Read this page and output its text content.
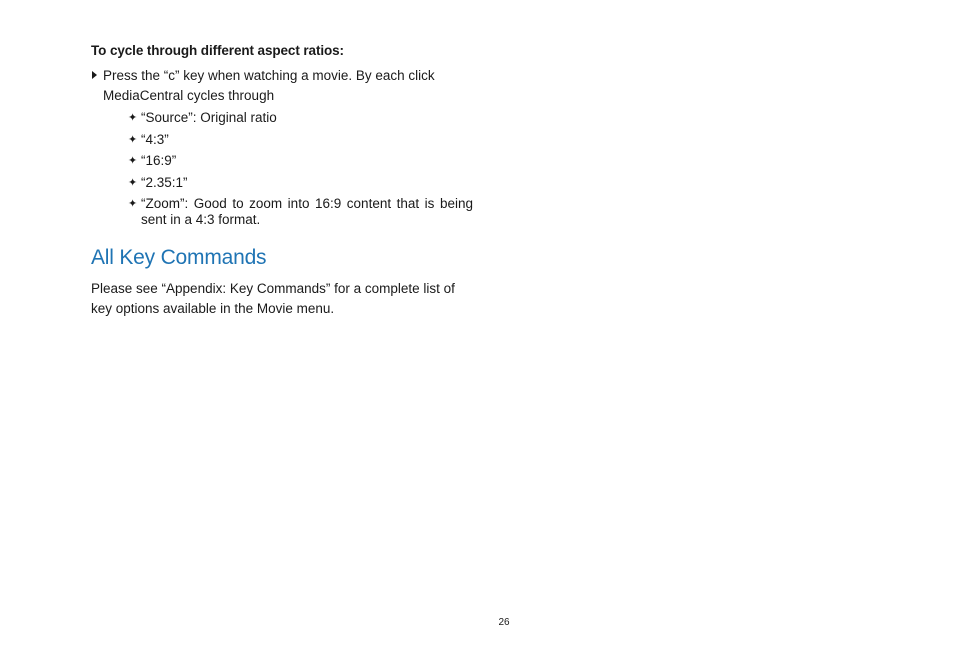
To cycle through different aspect ratios:
Press the “c” key when watching a movie. By each click MediaCentral cycles through
✦ “Source”: Original ratio
✦ “4:3”
✦ “16:9”
✦ “2.35:1”
✦ “Zoom”: Good to zoom into 16:9 content that is being sent in a 4:3 format.
All Key Commands
Please see “Appendix: Key Commands” for a complete list of key options available in the Movie menu.
26
